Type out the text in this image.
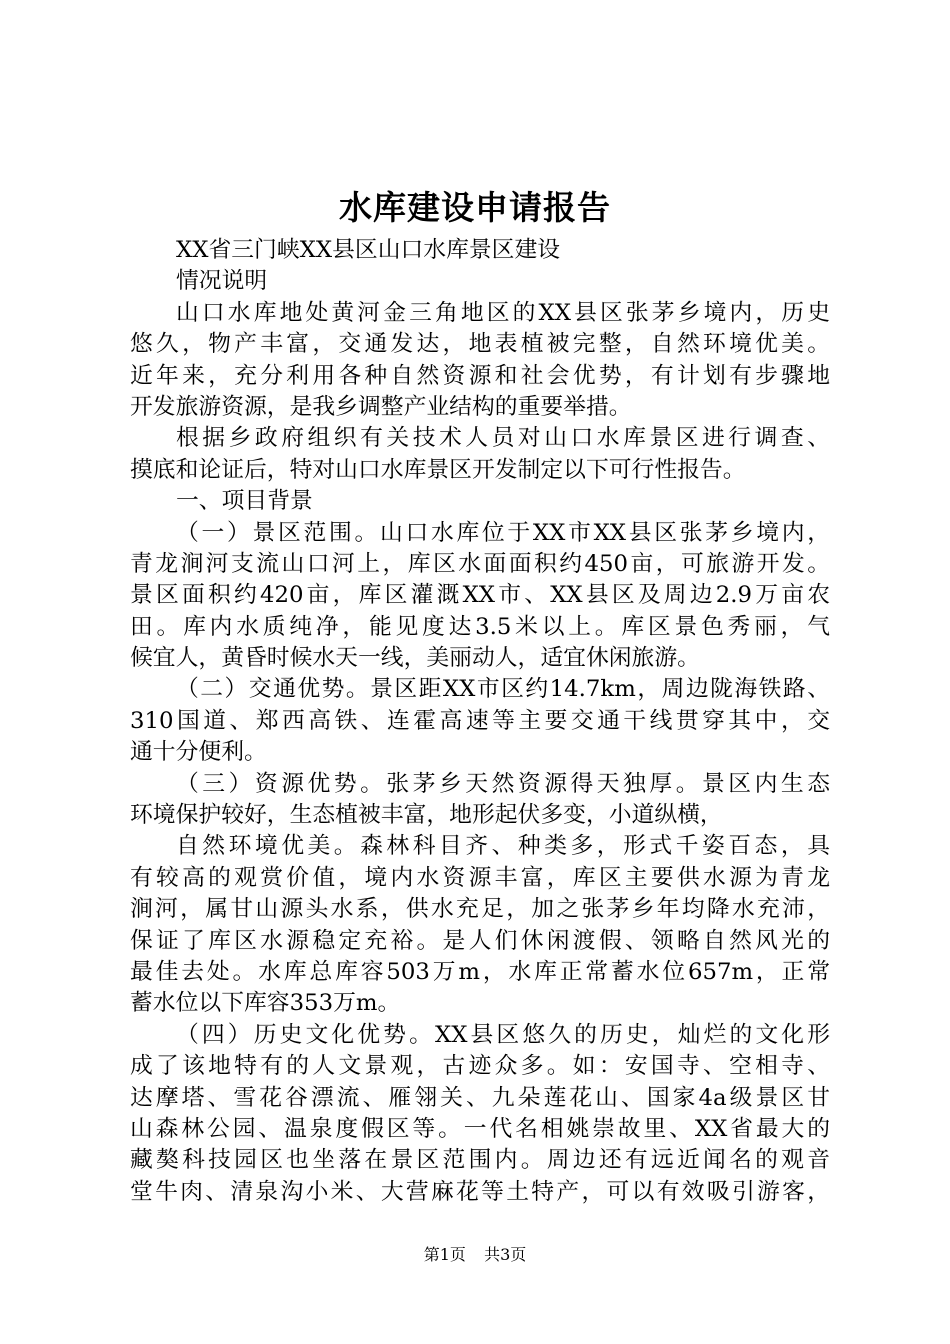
水库建设申请报告
XX省三门峡XX县区山口水库景区建设
情况说明
山口水库地处黄河金三角地区的XX县区张茅乡境内，历史
悠久，物产丰富，交通发达，地表植被完整，自然环境优美。
近年来，充分利用各种自然资源和社会优势，有计划有步骤地
开发旅游资源，是我乡调整产业结构的重要举措。
根据乡政府组织有关技术人员对山口水库景区进行调查、
摸底和论证后，特对山口水库景区开发制定以下可行性报告。
一、项目背景
（一）景区范围。山口水库位于XX市XX县区张茅乡境内，
青龙涧河支流山口河上，库区水面面积约450亩，可旅游开发。
景区面积约420亩，库区灌溉XX市、XX县区及周边2.9万亩农
田。库内水质纯净，能见度达3.5米以上。库区景色秀丽，气
候宜人，黄昏时候水天一线，美丽动人，适宜休闲旅游。
（二）交通优势。景区距XX市区约14.7km，周边陇海铁路、
310国道、郑西高铁、连霍高速等主要交通干线贯穿其中，交
通十分便利。
（三）资源优势。张茅乡天然资源得天独厚。景区内生态
环境保护较好，生态植被丰富，地形起伏多变，小道纵横，
自然环境优美。森林科目齐、种类多，形式千姿百态，具
有较高的观赏价值，境内水资源丰富，库区主要供水源为青龙
涧河，属甘山源头水系，供水充足，加之张茅乡年均降水充沛，
保证了库区水源稳定充裕。是人们休闲渡假、领略自然风光的
最佳去处。水库总库容503万m，水库正常蓄水位657m，正常
蓄水位以下库容353万m。
（四）历史文化优势。XX县区悠久的历史，灿烂的文化形
成了该地特有的人文景观，古迹众多。如：安国寺、空相寺、
达摩塔、雪花谷漂流、雁翎关、九朵莲花山、国家4a级景区甘
山森林公园、温泉度假区等。一代名相姚崇故里、XX省最大的
藏獒科技园区也坐落在景区范围内。周边还有远近闻名的观音
堂牛肉、清泉沟小米、大营麻花等土特产，可以有效吸引游客，
第1页 共3页
